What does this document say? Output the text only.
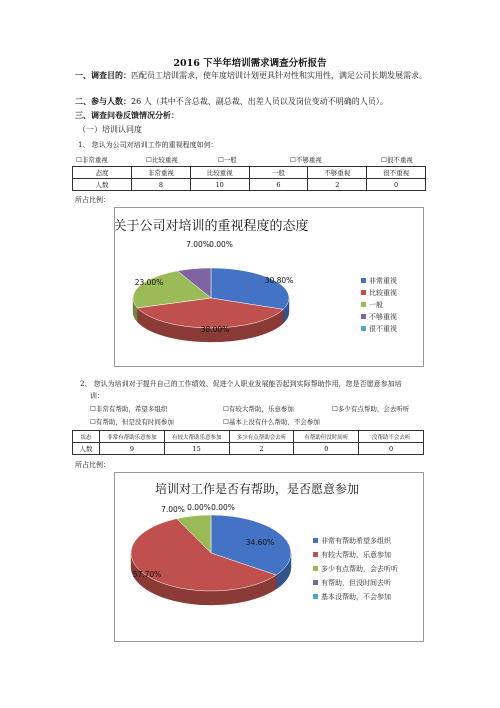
2016 下半年培训需求调查分析报告
一、调查目的：匹配员工培训需求，使年度培训计划更具针对性和实用性，满足公司长期发展需求。
二、参与人数：26 人（其中不含总裁、副总裁、出差人员以及岗位变动不明确的人员）。
三、调查问卷反馈情况分析：
（一）培训认同度
1、 您认为公司对培训工作的重视程度如何：
☐非常重视	☐比较重视	☐一般	☐不够重视	☐很不重视
态度	非常重视	比较重视	一般	不够重视	很不重视
人数	8	10	6	2	0
所占比例：
关于公司对培训的重视程度的态度
30.80%
38.00%
23.00%
7.00% 0.00%
非常重视
比较重视
一般
不够重视
很不重视
2、 您认为培训对于提升自己的工作绩效、促进个人职业发展能否起到实际帮助作用，您是否愿意参加培
训：
☐非常有帮助，希望多组织	☐有较大帮助，乐意参加	☐多少有点帮助，会去听听
☐有帮助，但是没有时间参加	☐基本上没有什么帮助，不会参加
状态	非常有帮助乐意参加	有较大帮助乐意参加	多少有点帮助会去听	有帮助但没时间听	没帮助不会去听
人数	9	15	2	0	0
所占比例：
培训对工作是否有帮助，是否愿意参加
34.60%
57.70%
7.00% 0.00% 0.00%
非常有帮助希望多组织
有较大帮助，乐意参加
多少有点帮助，会去听听
有帮助，但没时间去听
基本没帮助，不会参加
